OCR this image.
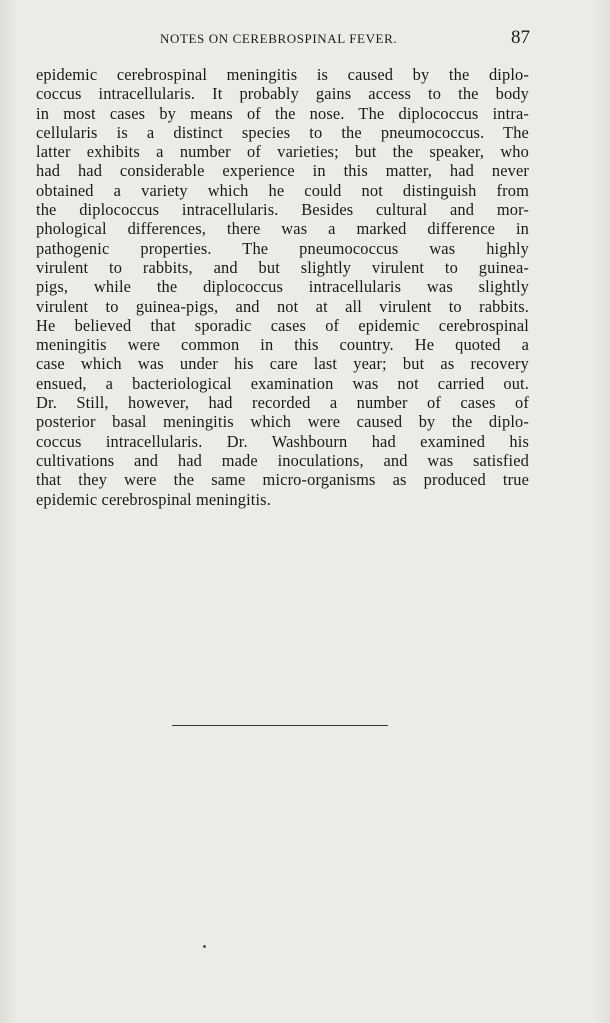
NOTES ON CEREBROSPINAL FEVER.	87
epidemic cerebrospinal meningitis is caused by the diplo-
coccus intracellularis. It probably gains access to the body
in most cases by means of the nose. The diplococcus intra-
cellularis is a distinct species to the pneumococcus. The
latter exhibits a number of varieties; but the speaker, who
had had considerable experience in this matter, had never
obtained a variety which he could not distinguish from
the diplococcus intracellularis. Besides cultural and mor-
phological differences, there was a marked difference in
pathogenic properties. The pneumococcus was highly
virulent to rabbits, and but slightly virulent to guinea-
pigs, while the diplococcus intracellularis was slightly
virulent to guinea-pigs, and not at all virulent to rabbits.
He believed that sporadic cases of epidemic cerebrospinal
meningitis were common in this country. He quoted a
case which was under his care last year; but as recovery
ensued, a bacteriological examination was not carried out.
Dr. Still, however, had recorded a number of cases of
posterior basal meningitis which were caused by the diplo-
coccus intracellularis. Dr. Washbourn had examined his
cultivations and had made inoculations, and was satisfied
that they were the same micro-organisms as produced true
epidemic cerebrospinal meningitis.
